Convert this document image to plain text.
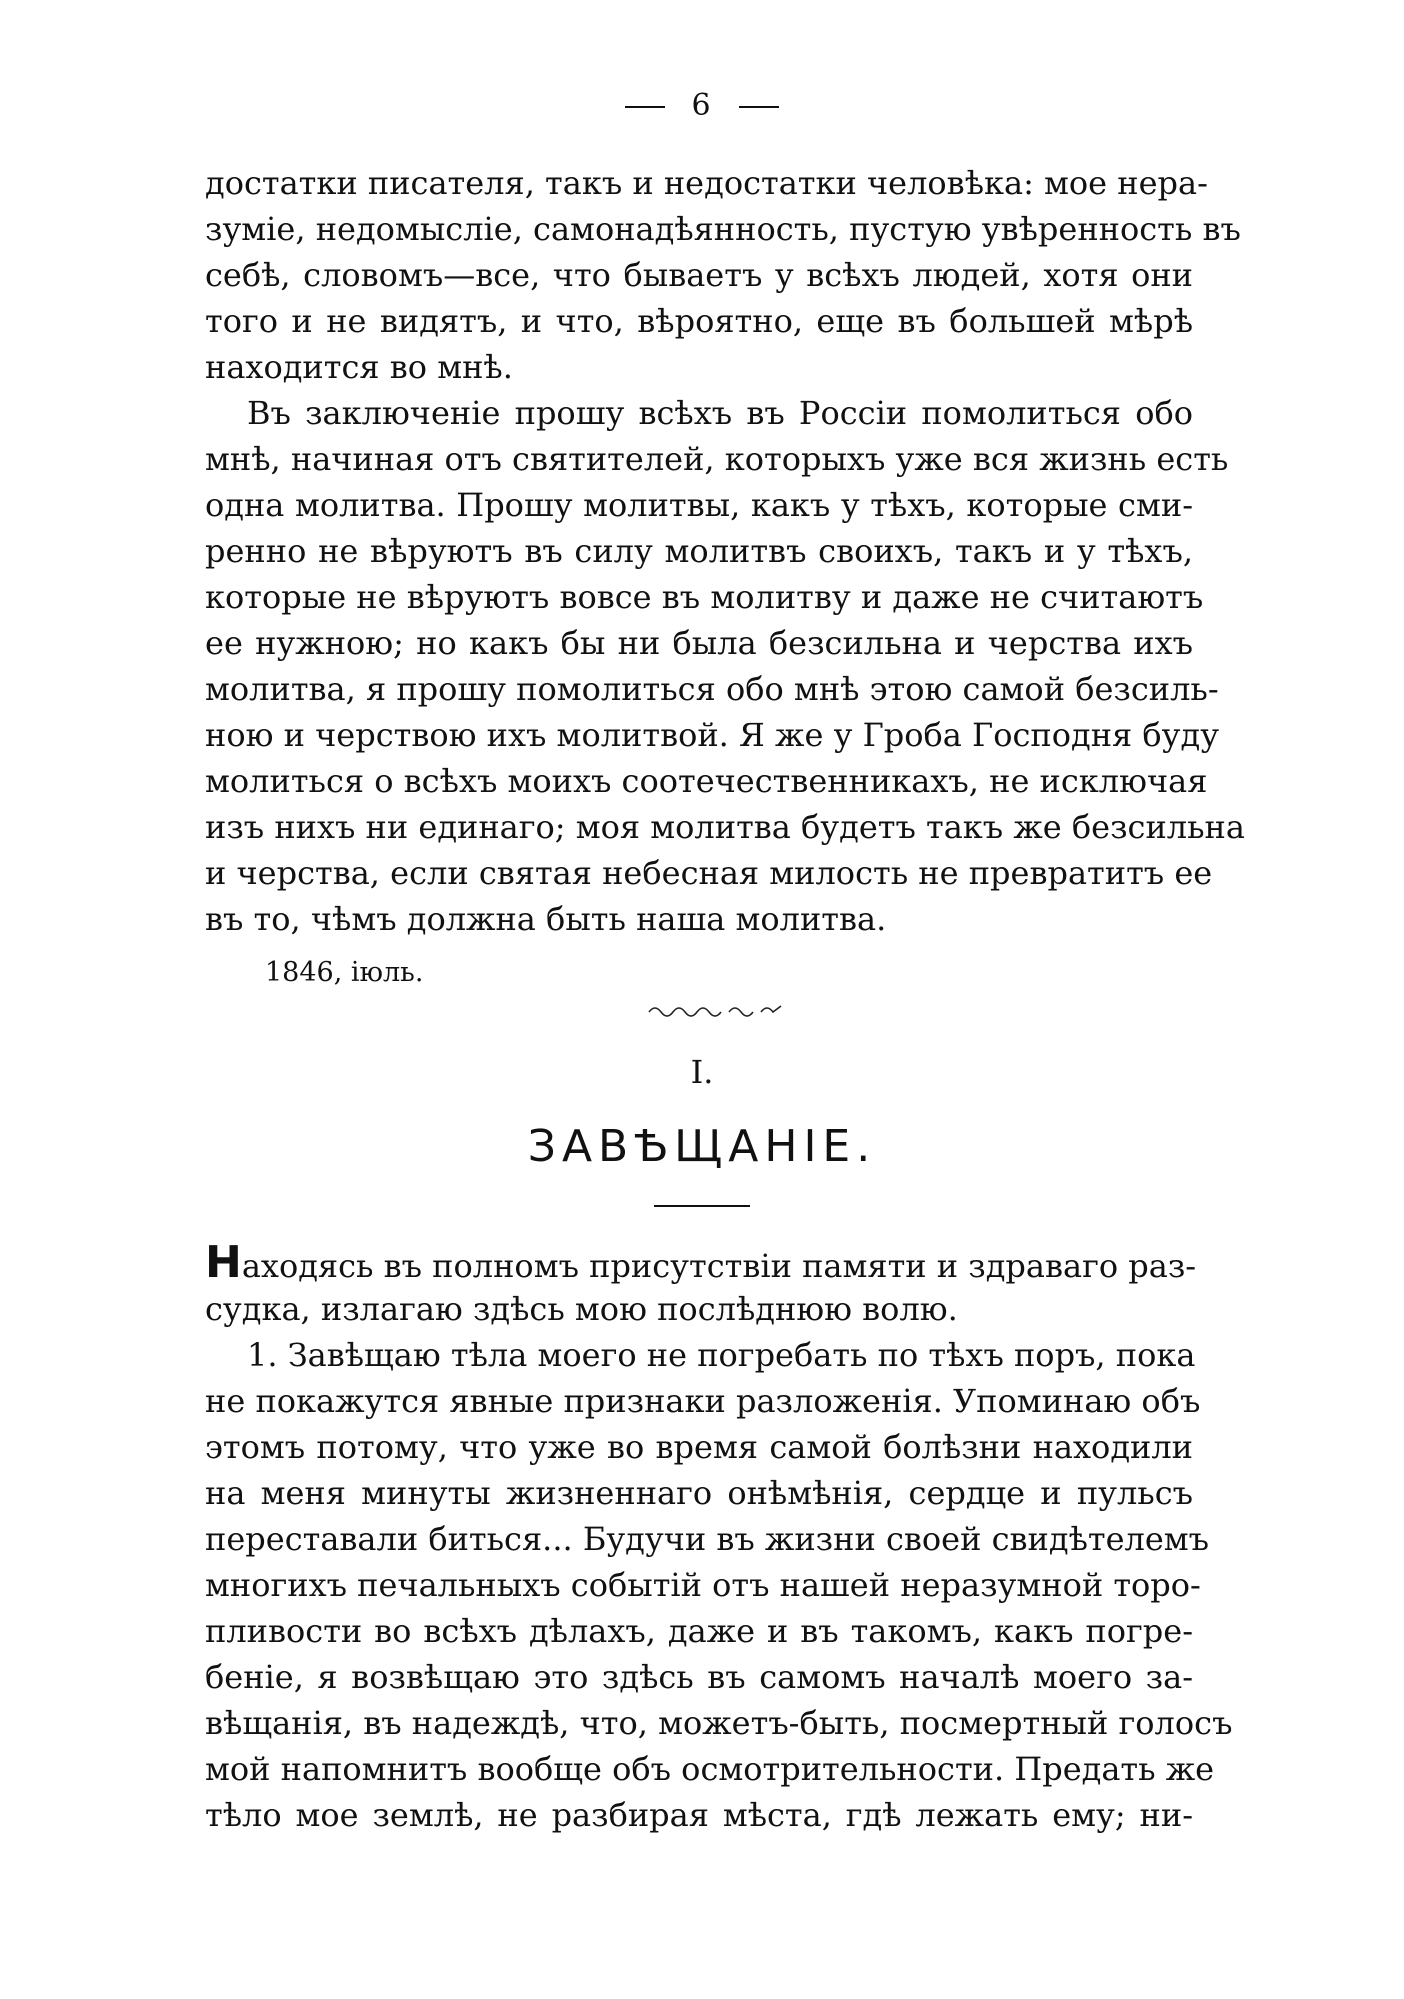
6
достатки писателя, такъ и недостатки человѣка: мое нера-
зуміе, недомысліе, самонадѣянность, пустую увѣренность въ
себѣ, словомъ—все, что бываетъ у всѣхъ людей, хотя они
того и не видятъ, и что, вѣроятно, еще въ большей мѣрѣ
находится во мнѣ.
Въ заключеніе прошу всѣхъ въ Россіи помолиться обо
мнѣ, начиная отъ святителей, которыхъ уже вся жизнь есть
одна молитва. Прошу молитвы, какъ у тѣхъ, которые сми-
ренно не вѣруютъ въ силу молитвъ своихъ, такъ и у тѣхъ,
которые не вѣруютъ вовсе въ молитву и даже не считаютъ
ее нужною; но какъ бы ни была безсильна и черства ихъ
молитва, я прошу помолиться обо мнѣ этою самой безсиль-
ною и черствою ихъ молитвой. Я же у Гроба Господня буду
молиться о всѣхъ моихъ соотечественникахъ, не исключая
изъ нихъ ни единаго; моя молитва будетъ такъ же безсильна
и черства, если святая небесная милость не превратитъ ее
въ то, чѣмъ должна быть наша молитва.
1846, іюль.
I.
ЗАВѢЩАНІЕ.
Находясь въ полномъ присутствіи памяти и здраваго раз-
судка, излагаю здѣсь мою послѣднюю волю.
1. Завѣщаю тѣла моего не погребать по тѣхъ поръ, пока
не покажутся явные признаки разложенія. Упоминаю объ
этомъ потому, что уже во время самой болѣзни находили
на меня минуты жизненнаго онѣмѣнія, сердце и пульсъ
переставали биться... Будучи въ жизни своей свидѣтелемъ
многихъ печальныхъ событій отъ нашей неразумной торо-
пливости во всѣхъ дѣлахъ, даже и въ такомъ, какъ погре-
беніе, я возвѣщаю это здѣсь въ самомъ началѣ моего за-
вѣщанія, въ надеждѣ, что, можетъ-быть, посмертный голосъ
мой напомнитъ вообще объ осмотрительности. Предать же
тѣло мое землѣ, не разбирая мѣста, гдѣ лежать ему; ни-
